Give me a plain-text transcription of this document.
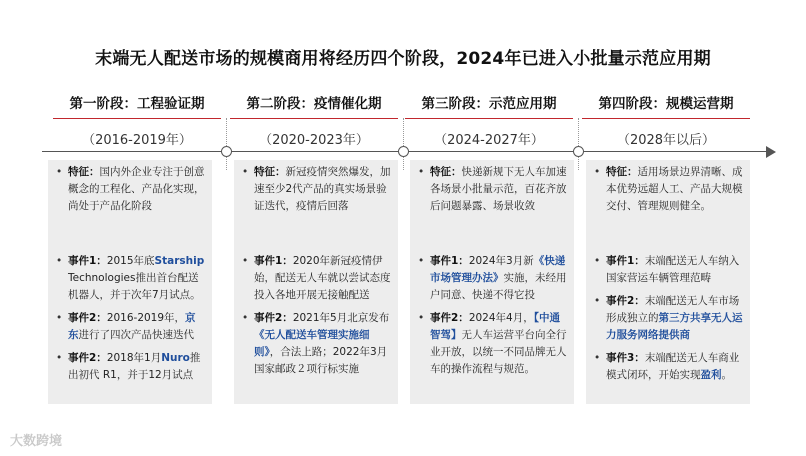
末端无人配送市场的规模商用将经历四个阶段，2024年已进入小批量示范应用期
第一阶段：工程验证期
（2016-2019年）
第二阶段：疫情催化期
（2020-2023年）
第三阶段：示范应用期
（2024-2027年）
第四阶段：规模运营期
（2028年以后）
• 特征：国内外企业专注于创意概念的工程化、产品化实现，尚处于产品化阶段
• 事件1：2015年底Starship Technologies推出首台配送机器人，并于次年7月试点。
• 事件2：2016-2019年，京东进行了四次产品快速迭代
• 事件2：2018年1月Nuro推出初代 R1，并于12月试点
• 特征：新冠疫情突然爆发，加速至少2代产品的真实场景验证迭代，疫情后回落
• 事件1：2020年新冠疫情伊始，配送无人车就以尝试态度投入各地开展无接触配送
• 事件2：2021年5月北京发布《无人配送车管理实施细则》，合法上路；2022年3月国家邮政２项行标实施
• 特征：快递新规下无人车加速各场景小批量示范，百花齐放后问题暴露、场景收敛
• 事件1：2024年3月新《快递市场管理办法》实施，未经用户同意、快递不得它投
• 事件2：2024年4月，【中通智驾】无人车运营平台向全行业开放，以统一不同品牌无人车的操作流程与规范。
• 特征：适用场景边界清晰、成本优势远超人工、产品大规模交付、管理规则健全。
• 事件1：末端配送无人车纳入国家营运车辆管理范畴
• 事件2：末端配送无人车市场形成独立的第三方共享无人运力服务网络提供商
• 事件3：末端配送无人车商业模式闭环，开始实现盈利。
大数跨境
